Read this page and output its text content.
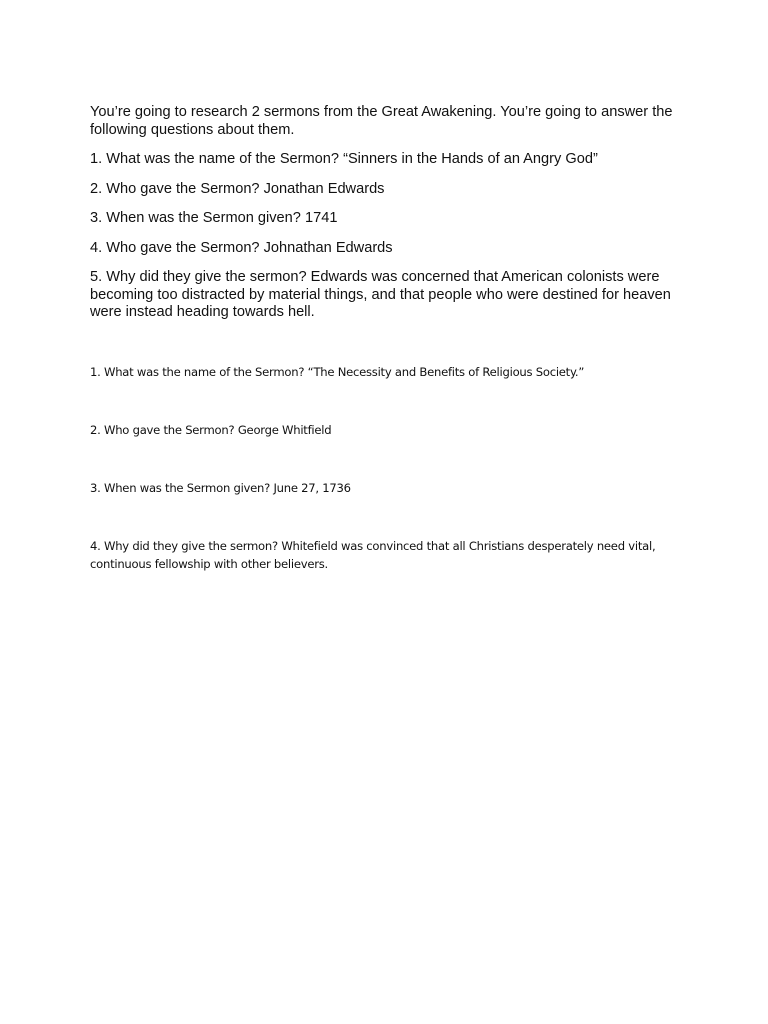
You’re going to research 2 sermons from the Great Awakening. You’re going to answer the following questions about them.

1. What was the name of the Sermon? “Sinners in the Hands of an Angry God”

2. Who gave the Sermon? Jonathan Edwards

3. When was the Sermon given? 1741

4. Who gave the Sermon? Johnathan Edwards

5. Why did they give the sermon? Edwards was concerned that American colonists were becoming too distracted by material things, and that people who were destined for heaven were instead heading towards hell.

1. What was the name of the Sermon? “The Necessity and Benefits of Religious Society.”

2. Who gave the Sermon? George Whitfield

3. When was the Sermon given? June 27, 1736

4. Why did they give the sermon? Whitefield was convinced that all Christians desperately need vital, continuous fellowship with other believers.
